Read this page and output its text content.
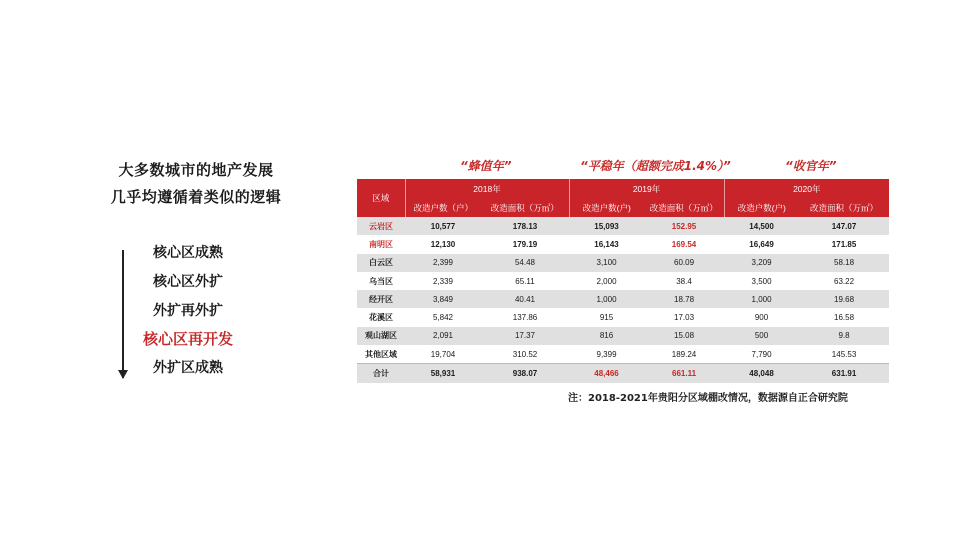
大多数城市的地产发展
几乎均遵循着类似的逻辑
核心区成熟
核心区外扩
外扩再外扩
核心区再开发
外扩区成熟
“蜂值年”	“平稳年（超额完成1.4%）”	“收官年”
区域	2018年		2019年		2020年	
	改造户数（户）	改造面积（万㎡）	改造户数(户)	改造面积（万㎡）	改造户数(户)	改造面积（万㎡）
云岩区	10,577	178.13	15,093	152.95	14,500	147.07
南明区	12,130	179.19	16,143	169.54	16,649	171.85
白云区	2,399	54.48	3,100	60.09	3,209	58.18
乌当区	2,339	65.11	2,000	38.4	3,500	63.22
经开区	3,849	40.41	1,000	18.78	1,000	19.68
花溪区	5,842	137.86	915	17.03	900	16.58
观山湖区	2,091	17.37	816	15.08	500	9.8
其他区域	19,704	310.52	9,399	189.24	7,790	145.53
合计	58,931	938.07	48,466	661.11	48,048	631.91
注：2018-2021年贵阳分区域棚改情况，数据源自正合研究院
